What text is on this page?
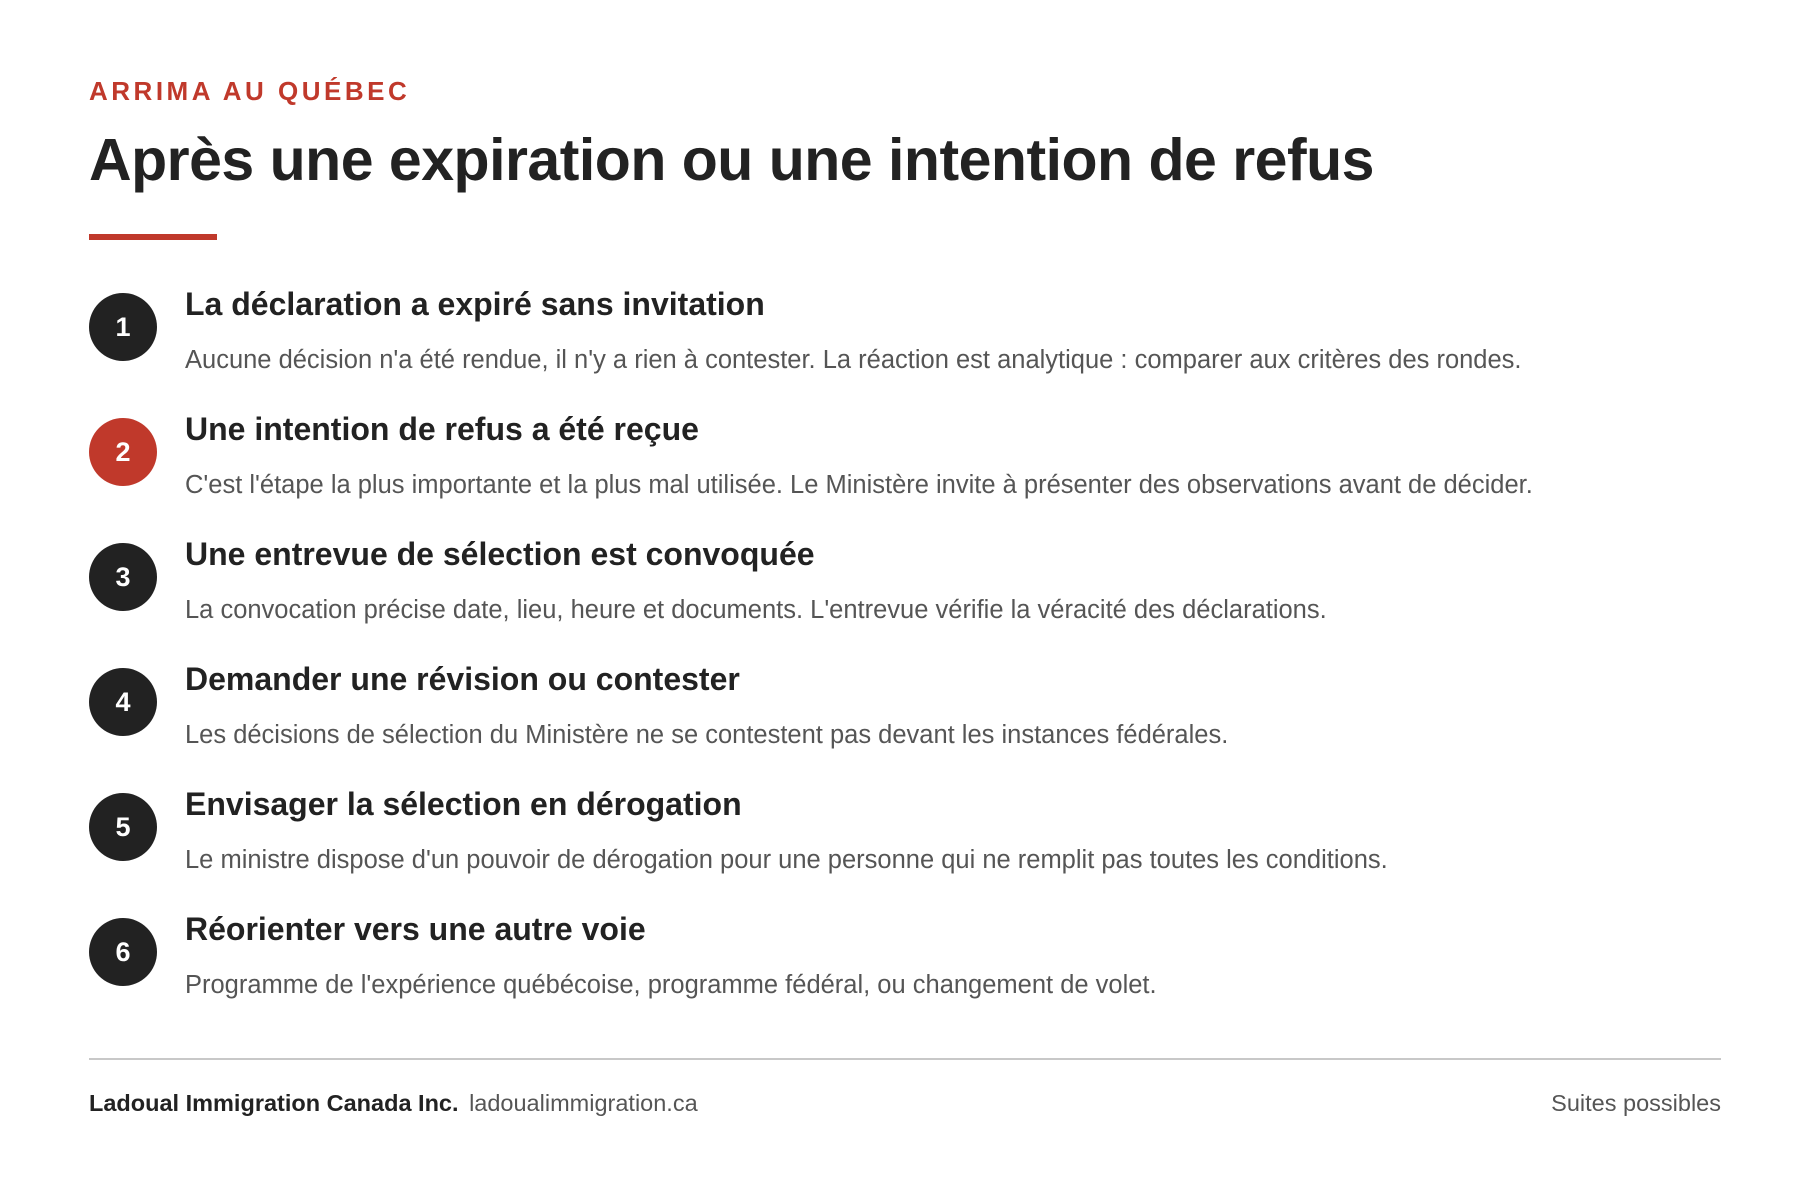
ARRIMA AU QUÉBEC
Après une expiration ou une intention de refus
1
La déclaration a expiré sans invitation
Aucune décision n'a été rendue, il n'y a rien à contester. La réaction est analytique : comparer aux critères des rondes.
2
Une intention de refus a été reçue
C'est l'étape la plus importante et la plus mal utilisée. Le Ministère invite à présenter des observations avant de décider.
3
Une entrevue de sélection est convoquée
La convocation précise date, lieu, heure et documents. L'entrevue vérifie la véracité des déclarations.
4
Demander une révision ou contester
Les décisions de sélection du Ministère ne se contestent pas devant les instances fédérales.
5
Envisager la sélection en dérogation
Le ministre dispose d'un pouvoir de dérogation pour une personne qui ne remplit pas toutes les conditions.
6
Réorienter vers une autre voie
Programme de l'expérience québécoise, programme fédéral, ou changement de volet.
Ladoual Immigration Canada Inc. ladoualimmigration.ca	Suites possibles
